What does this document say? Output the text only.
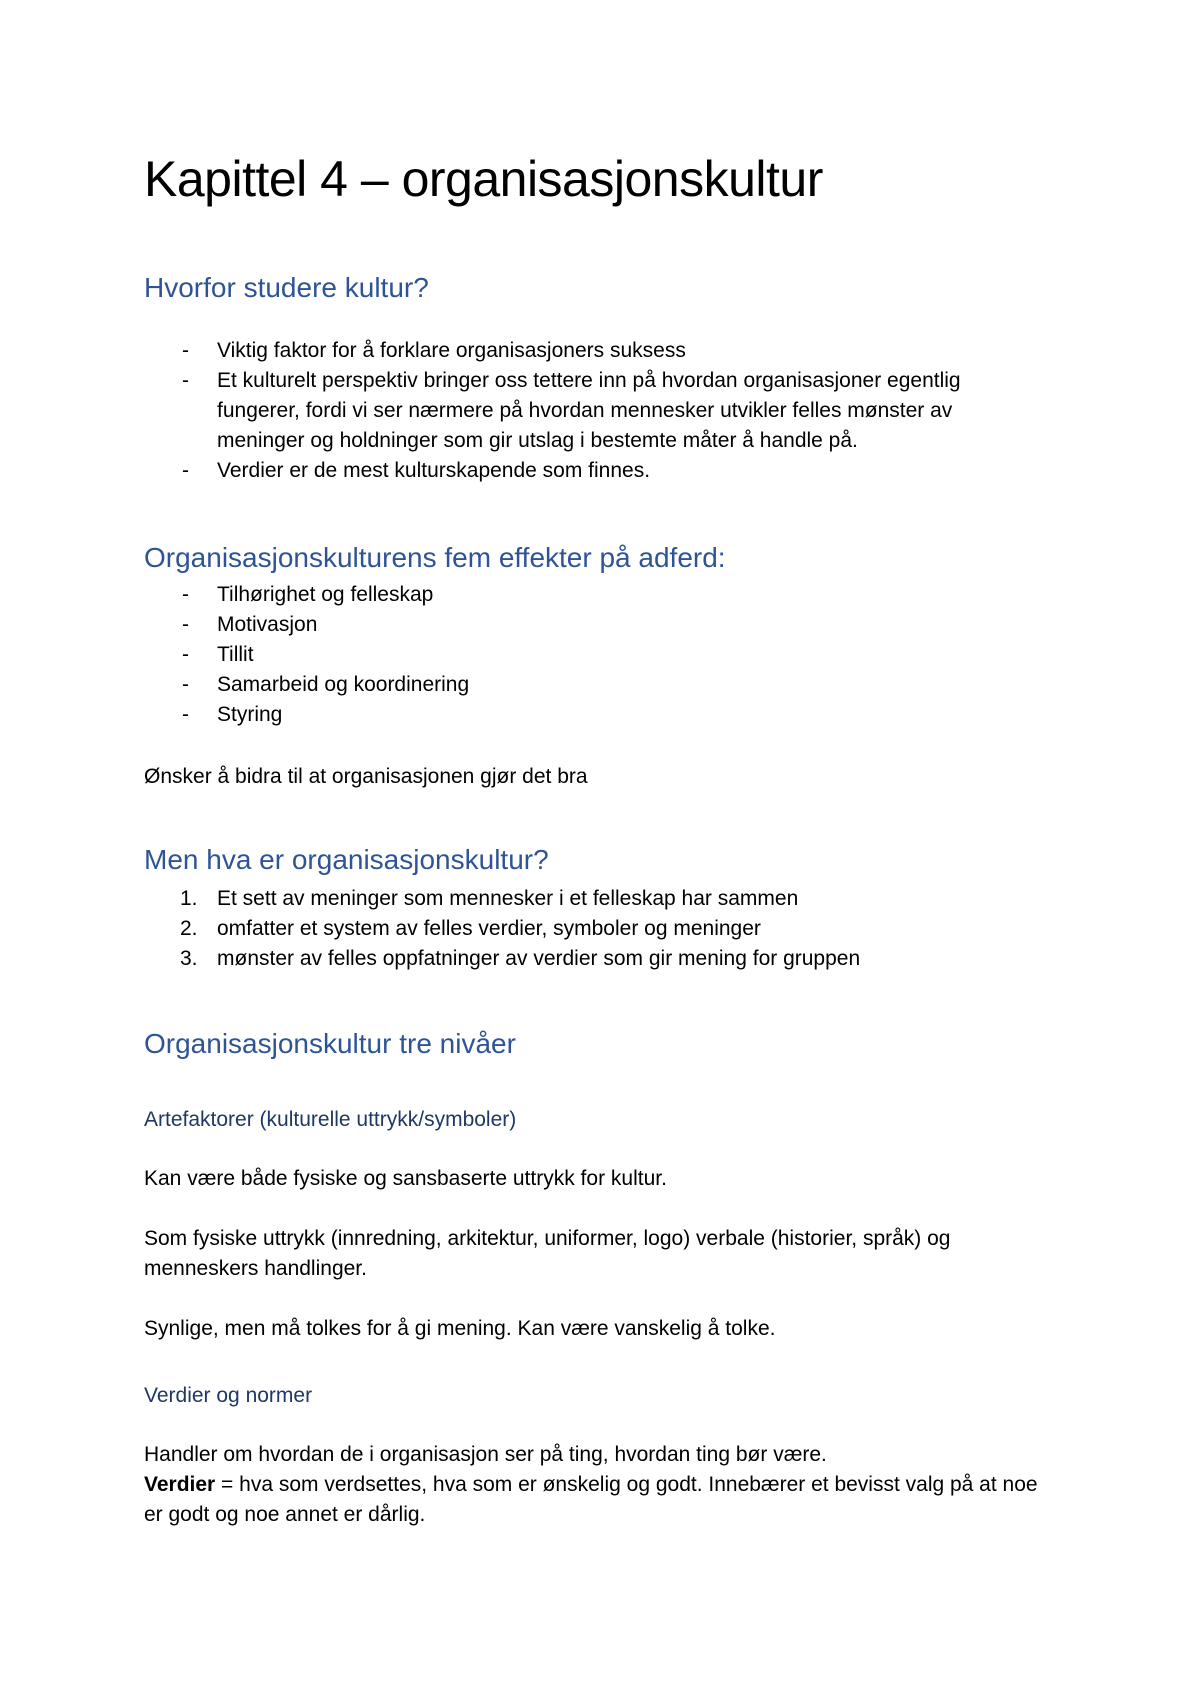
Kapittel 4 – organisasjonskultur
Hvorfor studere kultur?
- Viktig faktor for å forklare organisasjoners suksess
- Et kulturelt perspektiv bringer oss tettere inn på hvordan organisasjoner egentlig fungerer, fordi vi ser nærmere på hvordan mennesker utvikler felles mønster av meninger og holdninger som gir utslag i bestemte måter å handle på.
- Verdier er de mest kulturskapende som finnes.
Organisasjonskulturens fem effekter på adferd:
- Tilhørighet og felleskap
- Motivasjon
- Tillit
- Samarbeid og koordinering
- Styring

Ønsker å bidra til at organisasjonen gjør det bra

Men hva er organisasjonskultur?
1. Et sett av meninger som mennesker i et felleskap har sammen
2. omfatter et system av felles verdier, symboler og meninger
3. mønster av felles oppfatninger av verdier som gir mening for gruppen
Organisasjonskultur tre nivåer
Artefaktorer (kulturelle uttrykk/symboler)

Kan være både fysiske og sansbaserte uttrykk for kultur.

Som fysiske uttrykk (innredning, arkitektur, uniformer, logo) verbale (historier, språk) og menneskers handlinger.

Synlige, men må tolkes for å gi mening. Kan være vanskelig å tolke.

Verdier og normer

Handler om hvordan de i organisasjon ser på ting, hvordan ting bør være.

Verdier = hva som verdsettes, hva som er ønskelig og godt. Innebærer et bevisst valg på at noe er godt og noe annet er dårlig.
